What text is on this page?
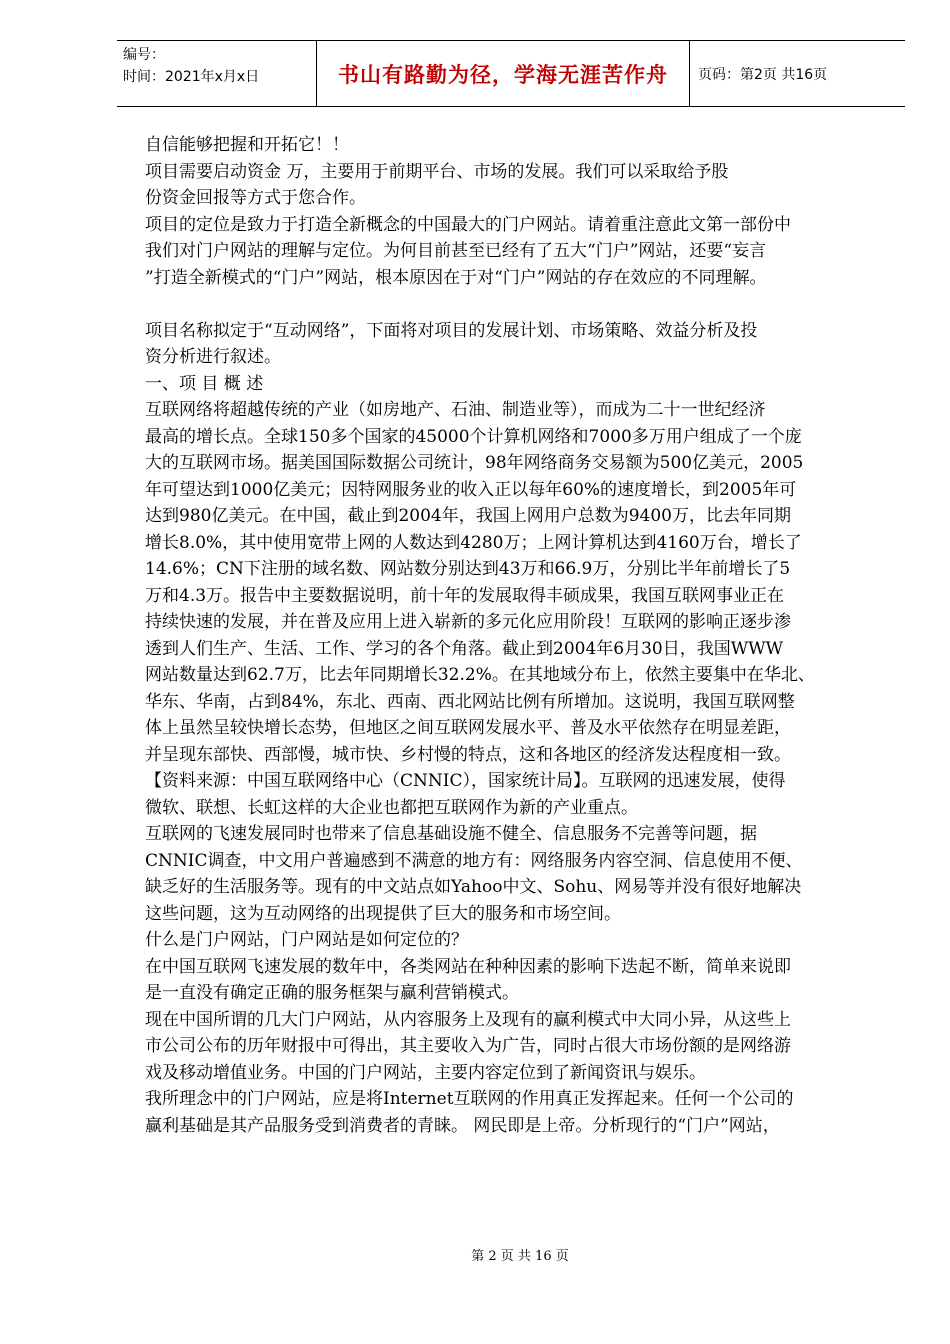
编号：
时间：2021年x月x日	书山有路勤为径，学海无涯苦作舟 页码：第2页 共16页

自信能够把握和开拓它！！

项目需要启动资金 万，主要用于前期平台、市场的发展。我们可以采取给予股

份资金回报等方式于您合作。

项目的定位是致力于打造全新概念的中国最大的门户网站。请着重注意此文第一部份中

我们对门户网站的理解与定位。为何目前甚至已经有了五大“门户”网站，还要“妄言

”打造全新模式的“门户”网站，根本原因在于对“门户”网站的存在效应的不同理解。

项目名称拟定于“互动网络”，下面将对项目的发展计划、市场策略、效益分析及投

资分析进行叙述。

一、项 目 概 述

互联网络将超越传统的产业（如房地产、石油、制造业等），而成为二十一世纪经济

最高的增长点。全球150多个国家的45000个计算机网络和7000多万用户组成了一个庞

大的互联网市场。据美国国际数据公司统计，98年网络商务交易额为500亿美元，2005

年可望达到1000亿美元；因特网服务业的收入正以每年60%的速度增长，到2005年可

达到980亿美元。在中国，截止到2004年，我国上网用户总数为9400万，比去年同期

增长8.0%，其中使用宽带上网的人数达到4280万；上网计算机达到4160万台，增长了

14.6%；CN下注册的域名数、网站数分别达到43万和66.9万，分别比半年前增长了5

万和4.3万。报告中主要数据说明，前十年的发展取得丰硕成果，我国互联网事业正在

持续快速的发展，并在普及应用上进入崭新的多元化应用阶段！互联网的影响正逐步渗

透到人们生产、生活、工作、学习的各个角落。截止到2004年6月30日，我国WWW

网站数量达到62.7万，比去年同期增长32.2%。在其地域分布上，依然主要集中在华北、

华东、华南，占到84%，东北、西南、西北网站比例有所增加。这说明，我国互联网整

体上虽然呈较快增长态势，但地区之间互联网发展水平、普及水平依然存在明显差距，

并呈现东部快、西部慢，城市快、乡村慢的特点，这和各地区的经济发达程度相一致。

【资料来源：中国互联网络中心（CNNIC），国家统计局】。互联网的迅速发展，使得

微软、联想、长虹这样的大企业也都把互联网作为新的产业重点。

互联网的飞速发展同时也带来了信息基础设施不健全、信息服务不完善等问题，据

CNNIC调查，中文用户普遍感到不满意的地方有：网络服务内容空洞、信息使用不便、

缺乏好的生活服务等。现有的中文站点如Yahoo中文、Sohu、网易等并没有很好地解决

这些问题，这为互动网络的出现提供了巨大的服务和市场空间。

什么是门户网站，门户网站是如何定位的？

在中国互联网飞速发展的数年中，各类网站在种种因素的影响下迭起不断，简单来说即

是一直没有确定正确的服务框架与赢利营销模式。

现在中国所谓的几大门户网站，从内容服务上及现有的赢利模式中大同小异，从这些上

市公司公布的历年财报中可得出，其主要收入为广告，同时占很大市场份额的是网络游

戏及移动增值业务。中国的门户网站，主要内容定位到了新闻资讯与娱乐。

我所理念中的门户网站，应是将Internet互联网的作用真正发挥起来。任何一个公司的

赢利基础是其产品服务受到消费者的青睐。 网民即是上帝。分析现行的“门户”网站，

第 2 页 共 16 页
